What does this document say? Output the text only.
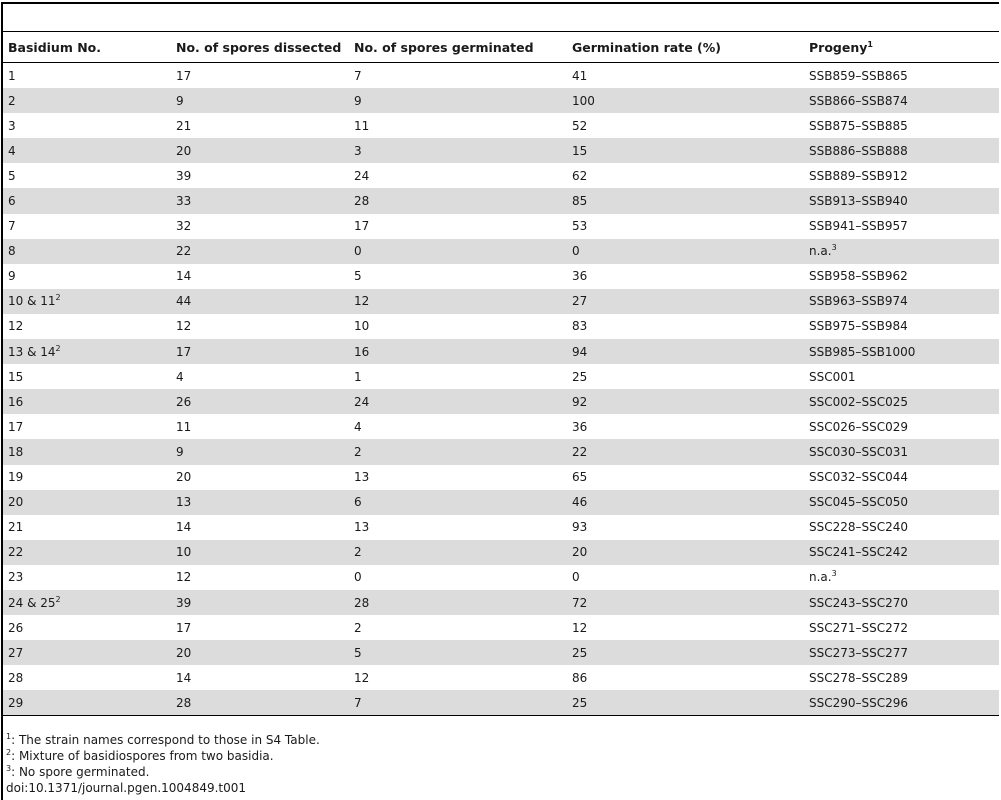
Basidium No.	No. of spores dissected	No. of spores germinated	Germination rate (%)	Progeny$^1$
1	17	7	41	SSB859–SSB865
2	9	9	100	SSB866–SSB874
3	21	11	52	SSB875–SSB885
4	20	3	15	SSB886–SSB888
5	39	24	62	SSB889–SSB912
6	33	28	85	SSB913–SSB940
7	32	17	53	SSB941–SSB957
8	22	0	0	n.a.$^3$
9	14	5	36	SSB958–SSB962
10 & $11^2$	44	12	27	SSB963–SSB974
12	12	10	83	SSB975–SSB984
13 & $14^2$	17	16	94	SSB985–SSB1000
15	4	1	25	SSC001
16	26	24	92	SSC002–SSC025
17	11	4	36	SSC026–SSC029
18	9	2	22	SSC030–SSC031
19	20	13	65	SSC032–SSC044
20	13	6	46	SSC045–SSC050
21	14	13	93	SSC228–SSC240
22	10	2	20	SSC241–SSC242
23	12	0	0	n.a.$^3$
24 & $25^2$	39	28	72	SSC243–SSC270
26	17	2	12	SSC271–SSC272
27	20	5	25	SSC273–SSC277
28	14	12	86	SSC278–SSC289
29	28	7	25	SSC290–SSC296
$^1$: The strain names correspond to those in S4 Table.
$^2$: Mixture of basidiospores from two basidia.
$^3$: No spore germinated.
doi:10.1371/journal.pgen.1004849.t001
